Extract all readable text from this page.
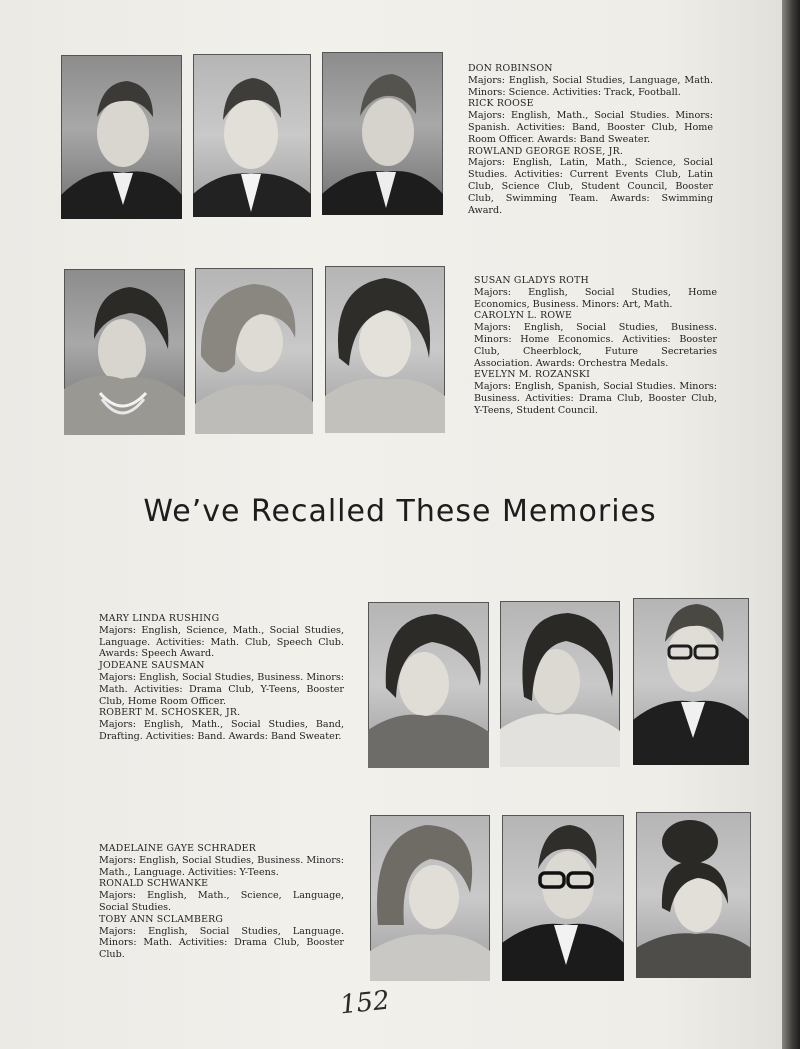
DON ROBINSON
Majors: English, Social Studies, Language, Math. Minors: Science. Activities: Track, Football.

RICK ROOSE
Majors: English, Math., Social Studies. Minors: Spanish. Activities: Band, Booster Club, Home Room Officer. Awards: Band Sweater.

ROWLAND GEORGE ROSE, JR.
Majors: English, Latin, Math., Science, Social Studies. Activities: Current Events Club, Latin Club, Science Club, Student Council, Booster Club, Swimming Team. Awards: Swimming Award.

SUSAN GLADYS ROTH
Majors: English, Social Studies, Home Economics, Business. Minors: Art, Math.

CAROLYN L. ROWE
Majors: English, Social Studies, Business. Minors: Home Economics. Activities: Booster Club, Cheerblock, Future Secretaries Association. Awards: Orchestra Medals.

EVELYN M. ROZANSKI
Majors: English, Spanish, Social Studies. Minors: Business. Activities: Drama Club, Booster Club, Y-Teens, Student Council.

We’ve Recalled These Memories

MARY LINDA RUSHING
Majors: English, Science, Math., Social Studies, Language. Activities: Math. Club, Speech Club. Awards: Speech Award.

JODEANE SAUSMAN
Majors: English, Social Studies, Business. Minors: Math. Activities: Drama Club, Y-Teens, Booster Club, Home Room Officer.

ROBERT M. SCHOSKER, JR.
Majors: English, Math., Social Studies, Band, Drafting. Activities: Band. Awards: Band Sweater.

MADELAINE GAYE SCHRADER
Majors: English, Social Studies, Business. Minors: Math., Language. Activities: Y-Teens.

RONALD SCHWANKE
Majors: English, Math., Science, Language, Social Studies.

TOBY ANN SCLAMBERG
Majors: English, Social Studies, Language. Minors: Math. Activities: Drama Club, Booster Club.

152
